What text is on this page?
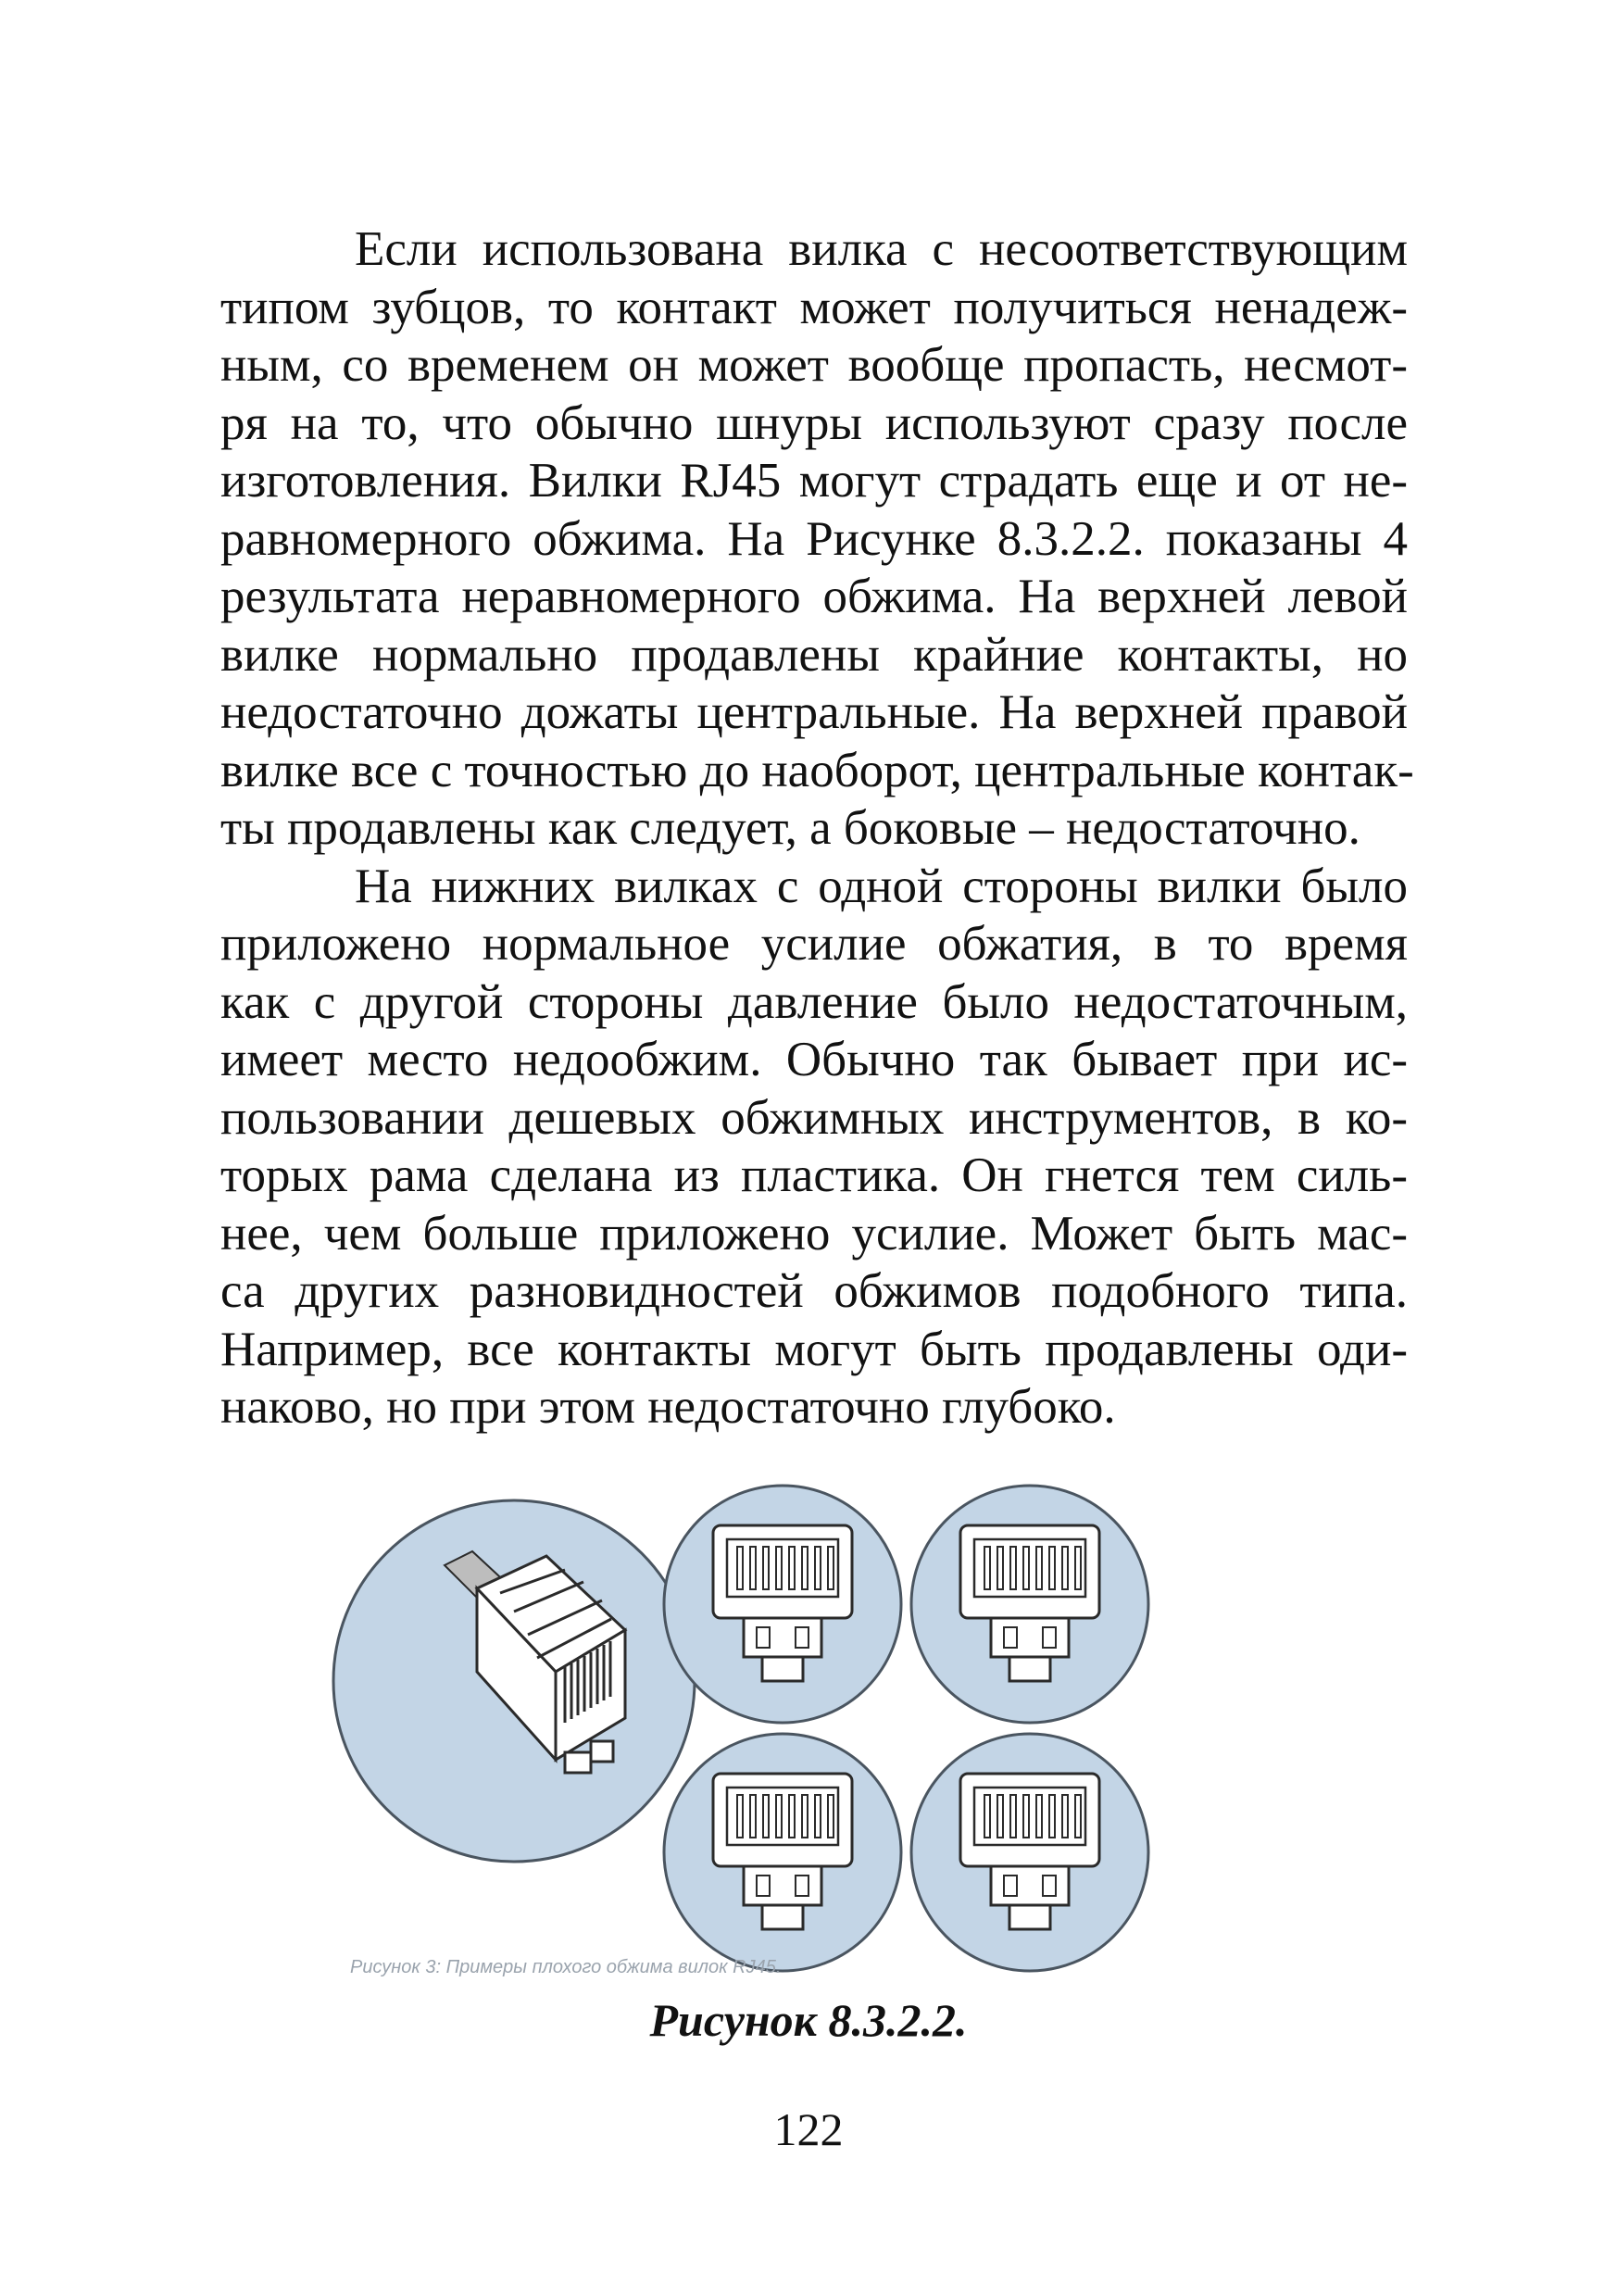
Если использована вилка с несоответствующим
типом зубцов, то контакт может получиться ненадеж-
ным, со временем он может вообще пропасть, несмот-
ря на то, что обычно шнуры используют сразу после
изготовления. Вилки RJ45 могут страдать еще и от не-
равномерного обжима. На Рисунке 8.3.2.2. показаны 4
результата неравномерного обжима. На верхней левой
вилке нормально продавлены крайние контакты, но
недостаточно дожаты центральные. На верхней правой
вилке все с точностью до наоборот, центральные контак-
ты продавлены как следует, а боковые – недостаточно.
На нижних вилках с одной стороны вилки было
приложено нормальное усилие обжатия, в то время
как с другой стороны давление было недостаточным,
имеет место недообжим. Обычно так бывает при ис-
пользовании дешевых обжимных инструментов, в ко-
торых рама сделана из пластика. Он гнется тем силь-
нее, чем больше приложено усилие. Может быть мас-
са других разновидностей обжимов подобного типа.
Например, все контакты могут быть продавлены оди-
наково, но при этом недостаточно глубоко.
Рисунок 3: Примеры плохого обжима вилок RJ45.
Рисунок 8.3.2.2.
122
